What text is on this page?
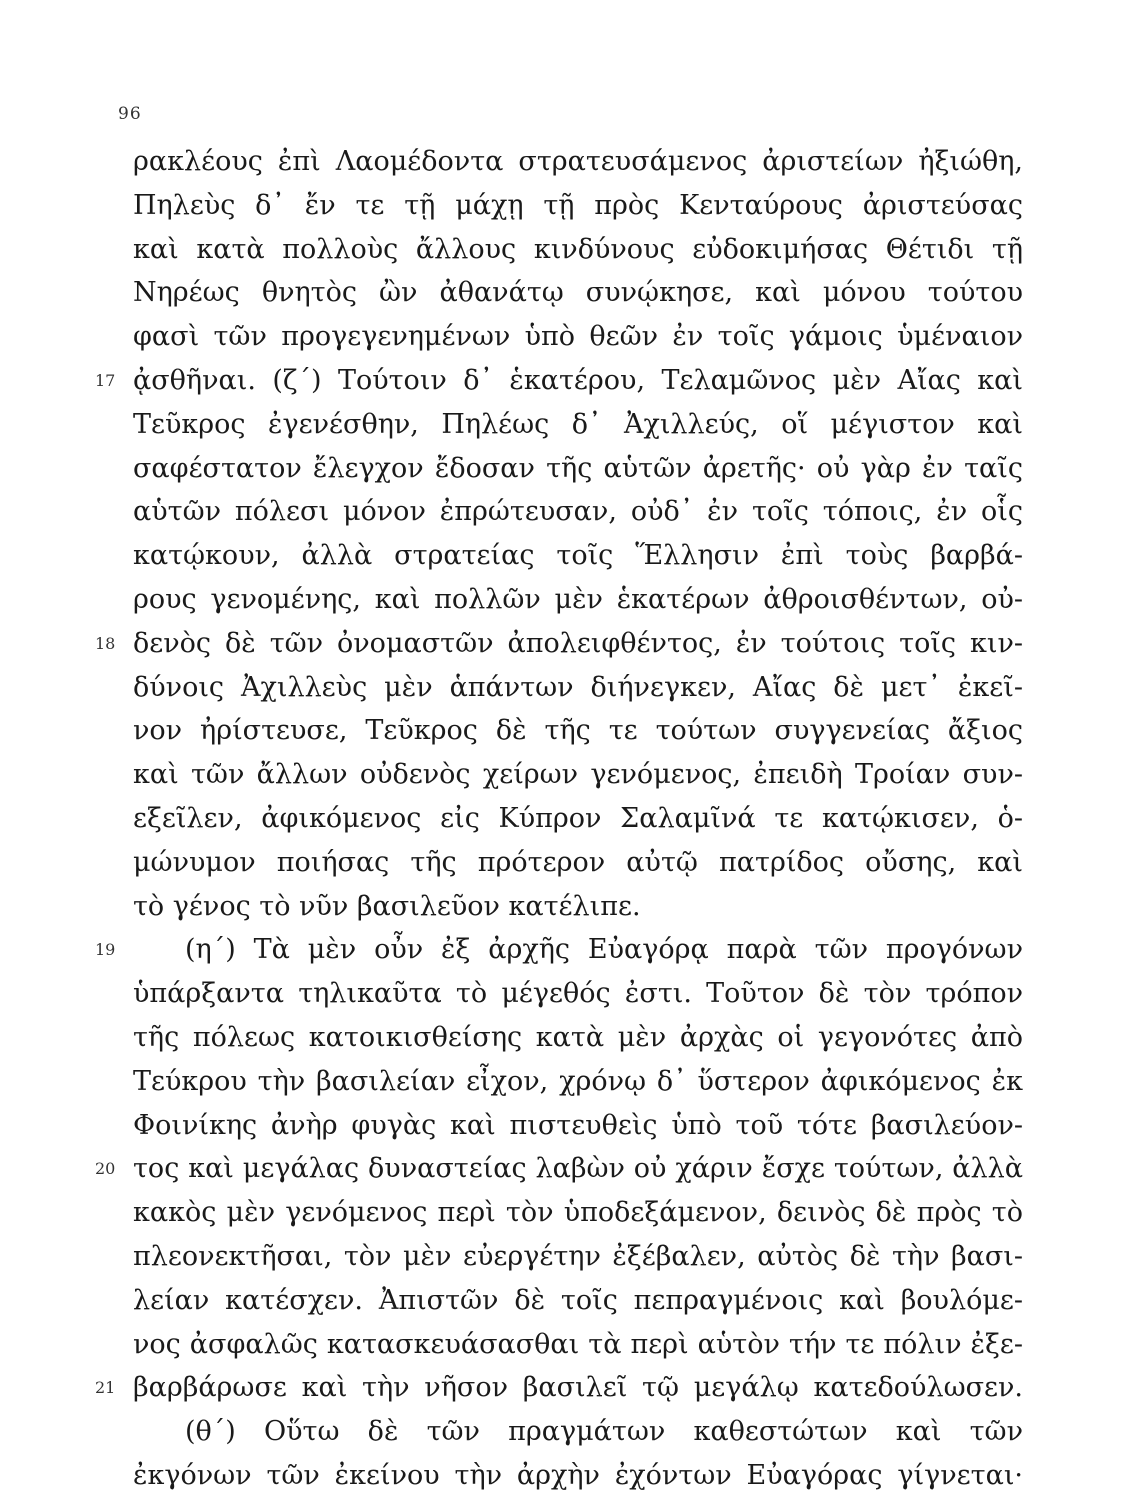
96
ρακλέους ἐπὶ Λαομέδοντα στρατευσάμενος ἀριστείων ἠξιώθη,
Πηλεὺς δ᾽ ἔν τε τῇ μάχῃ τῇ πρὸς Κενταύρους ἀριστεύσας
καὶ κατὰ πολλοὺς ἄλλους κινδύνους εὐδοκιμήσας Θέτιδι τῇ
Νηρέως θνητὸς ὢν ἀθανάτῳ συνῴκησε, καὶ μόνου τούτου
φασὶ τῶν προγεγενημένων ὑπὸ θεῶν ἐν τοῖς γάμοις ὑμέναιον
17 ᾀσθῆναι. (ζ΄) Τούτοιν δ᾽ ἑκατέρου, Τελαμῶνος μὲν Αἴας καὶ
Τεῦκρος ἐγενέσθην, Πηλέως δ᾽ Ἀχιλλεύς, οἵ μέγιστον καὶ
σαφέστατον ἔλεγχον ἔδοσαν τῆς αὑτῶν ἀρετῆς· οὐ γὰρ ἐν ταῖς
αὑτῶν πόλεσι μόνον ἐπρώτευσαν, οὐδ᾽ ἐν τοῖς τόποις, ἐν οἷς
κατῴκουν, ἀλλὰ στρατείας τοῖς Ἕλλησιν ἐπὶ τοὺς βαρβά-
ρους γενομένης, καὶ πολλῶν μὲν ἑκατέρων ἀθροισθέντων, οὐ-
18 δενὸς δὲ τῶν ὀνομαστῶν ἀπολειφθέντος, ἐν τούτοις τοῖς κιν-
δύνοις Ἀχιλλεὺς μὲν ἁπάντων διήνεγκεν, Αἴας δὲ μετ᾽ ἐκεῖ-
νον ἠρίστευσε, Τεῦκρος δὲ τῆς τε τούτων συγγενείας ἄξιος
καὶ τῶν ἄλλων οὐδενὸς χείρων γενόμενος, ἐπειδὴ Τροίαν συν-
εξεῖλεν, ἀφικόμενος εἰς Κύπρον Σαλαμῖνά τε κατῴκισεν, ὁ-
μώνυμον ποιήσας τῆς πρότερον αὐτῷ πατρίδος οὔσης, καὶ
τὸ γένος τὸ νῦν βασιλεῦον κατέλιπε.
19	(η΄) Τὰ μὲν οὖν ἐξ ἀρχῆς Εὐαγόρᾳ παρὰ τῶν προγόνων
ὑπάρξαντα τηλικαῦτα τὸ μέγεθός ἐστι. Τοῦτον δὲ τὸν τρόπον
τῆς πόλεως κατοικισθείσης κατὰ μὲν ἀρχὰς οἱ γεγονότες ἀπὸ
Τεύκρου τὴν βασιλείαν εἶχον, χρόνῳ δ᾽ ὕστερον ἀφικόμενος ἐκ
Φοινίκης ἀνὴρ φυγὰς καὶ πιστευθεὶς ὑπὸ τοῦ τότε βασιλεύον-
20 τος καὶ μεγάλας δυναστείας λαβὼν οὐ χάριν ἔσχε τούτων, ἀλλὰ
κακὸς μὲν γενόμενος περὶ τὸν ὑποδεξάμενον, δεινὸς δὲ πρὸς τὸ
πλεονεκτῆσαι, τὸν μὲν εὐεργέτην ἐξέβαλεν, αὐτὸς δὲ τὴν βασι-
λείαν κατέσχεν. Ἀπιστῶν δὲ τοῖς πεπραγμένοις καὶ βουλόμε-
νος ἀσφαλῶς κατασκευάσασθαι τὰ περὶ αὑτὸν τήν τε πόλιν ἐξε-
21 βαρβάρωσε καὶ τὴν νῆσον βασιλεῖ τῷ μεγάλῳ κατεδούλωσεν.
(θ΄) Οὕτω δὲ τῶν πραγμάτων καθεστώτων καὶ τῶν
ἐκγόνων τῶν ἐκείνου τὴν ἀρχὴν ἐχόντων Εὐαγόρας γίγνεται·
